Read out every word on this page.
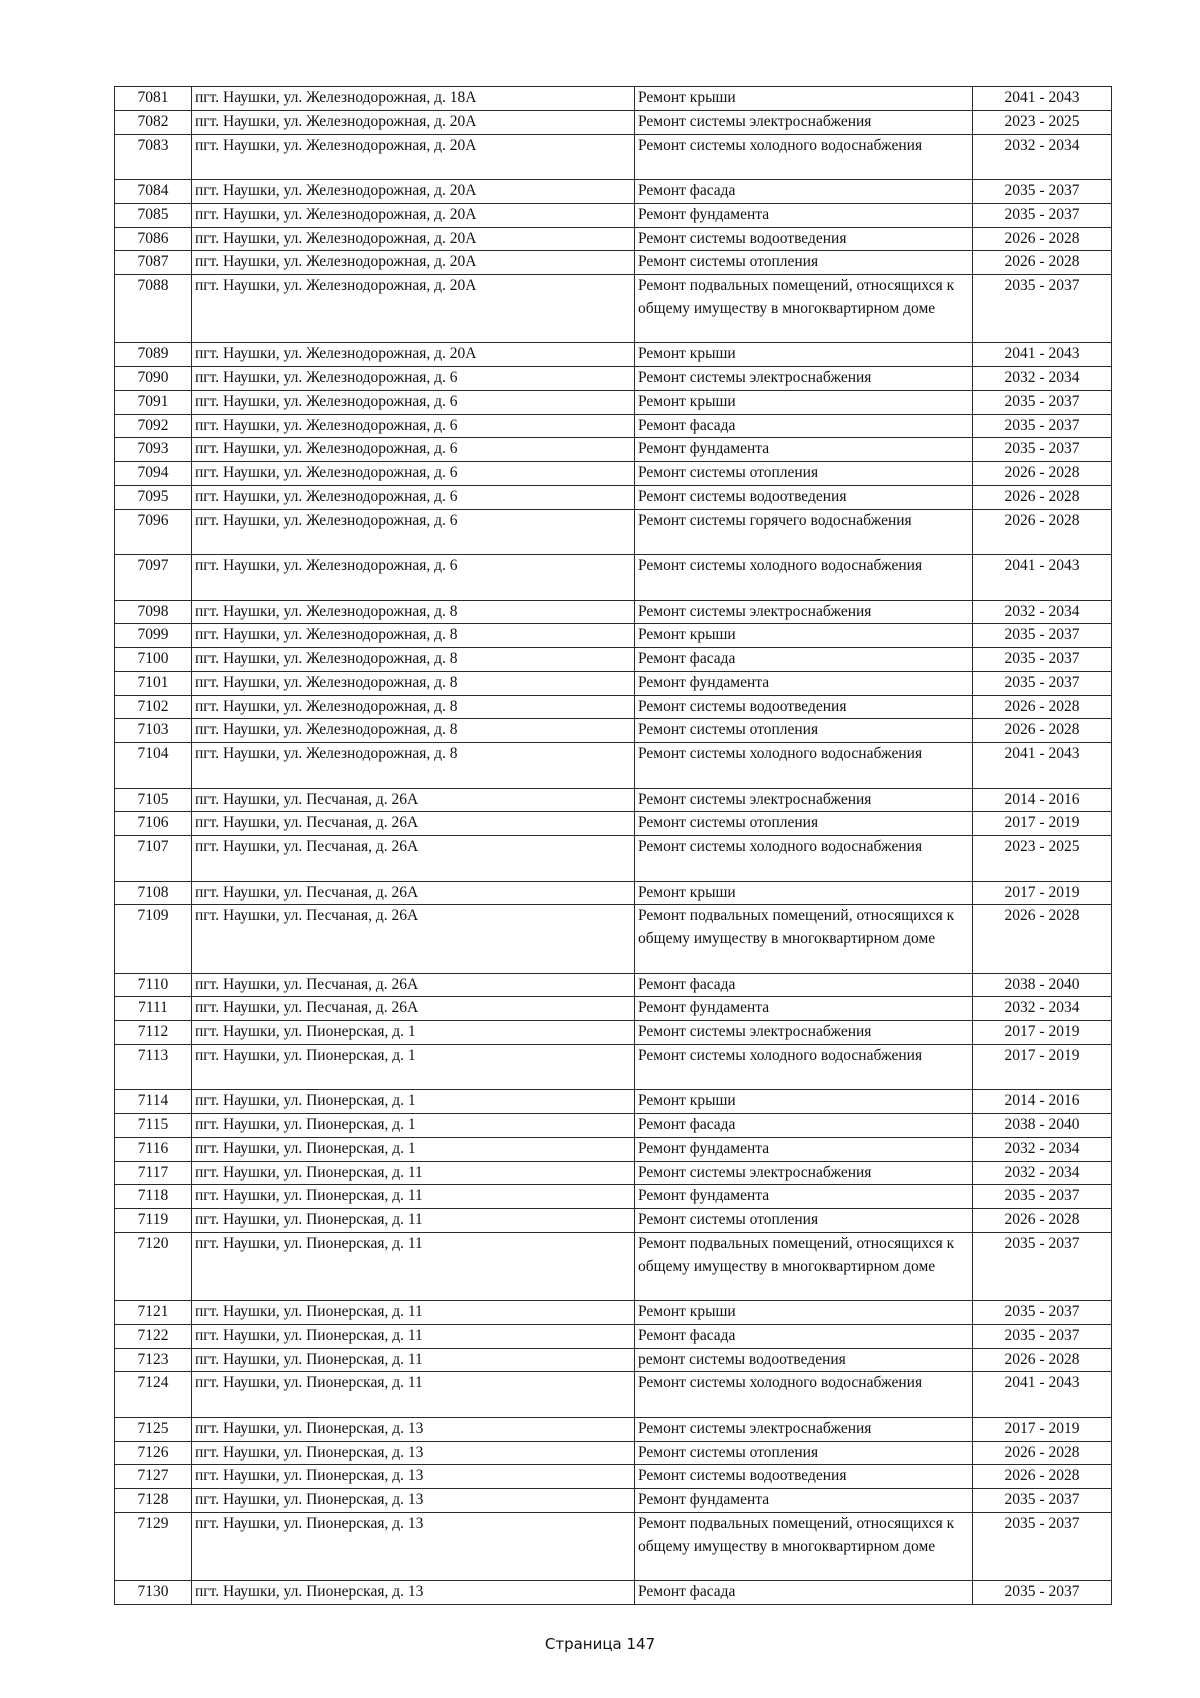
7081	пгт. Наушки, ул. Железнодорожная, д. 18А	Ремонт крыши	2041 - 2043
7082	пгт. Наушки, ул. Железнодорожная, д. 20А	Ремонт системы электроснабжения	2023 - 2025
7083	пгт. Наушки, ул. Железнодорожная, д. 20А	Ремонт системы холодного водоснабжения	2032 - 2034
7084	пгт. Наушки, ул. Железнодорожная, д. 20А	Ремонт фасада	2035 - 2037
7085	пгт. Наушки, ул. Железнодорожная, д. 20А	Ремонт фундамента	2035 - 2037
7086	пгт. Наушки, ул. Железнодорожная, д. 20А	Ремонт системы водоотведения	2026 - 2028
7087	пгт. Наушки, ул. Железнодорожная, д. 20А	Ремонт системы отопления	2026 - 2028
7088	пгт. Наушки, ул. Железнодорожная, д. 20А	Ремонт подвальных помещений, относящихся к общему имуществу в многоквартирном доме	2035 - 2037
7089	пгт. Наушки, ул. Железнодорожная, д. 20А	Ремонт крыши	2041 - 2043
7090	пгт. Наушки, ул. Железнодорожная, д. 6	Ремонт системы электроснабжения	2032 - 2034
7091	пгт. Наушки, ул. Железнодорожная, д. 6	Ремонт крыши	2035 - 2037
7092	пгт. Наушки, ул. Железнодорожная, д. 6	Ремонт фасада	2035 - 2037
7093	пгт. Наушки, ул. Железнодорожная, д. 6	Ремонт фундамента	2035 - 2037
7094	пгт. Наушки, ул. Железнодорожная, д. 6	Ремонт системы отопления	2026 - 2028
7095	пгт. Наушки, ул. Железнодорожная, д. 6	Ремонт системы водоотведения	2026 - 2028
7096	пгт. Наушки, ул. Железнодорожная, д. 6	Ремонт системы горячего водоснабжения	2026 - 2028
7097	пгт. Наушки, ул. Железнодорожная, д. 6	Ремонт системы холодного водоснабжения	2041 - 2043
7098	пгт. Наушки, ул. Железнодорожная, д. 8	Ремонт системы электроснабжения	2032 - 2034
7099	пгт. Наушки, ул. Железнодорожная, д. 8	Ремонт крыши	2035 - 2037
7100	пгт. Наушки, ул. Железнодорожная, д. 8	Ремонт фасада	2035 - 2037
7101	пгт. Наушки, ул. Железнодорожная, д. 8	Ремонт фундамента	2035 - 2037
7102	пгт. Наушки, ул. Железнодорожная, д. 8	Ремонт системы водоотведения	2026 - 2028
7103	пгт. Наушки, ул. Железнодорожная, д. 8	Ремонт системы отопления	2026 - 2028
7104	пгт. Наушки, ул. Железнодорожная, д. 8	Ремонт системы холодного водоснабжения	2041 - 2043
7105	пгт. Наушки, ул. Песчаная, д. 26А	Ремонт системы электроснабжения	2014 - 2016
7106	пгт. Наушки, ул. Песчаная, д. 26А	Ремонт системы отопления	2017 - 2019
7107	пгт. Наушки, ул. Песчаная, д. 26А	Ремонт системы холодного водоснабжения	2023 - 2025
7108	пгт. Наушки, ул. Песчаная, д. 26А	Ремонт крыши	2017 - 2019
7109	пгт. Наушки, ул. Песчаная, д. 26А	Ремонт подвальных помещений, относящихся к общему имуществу в многоквартирном доме	2026 - 2028
7110	пгт. Наушки, ул. Песчаная, д. 26А	Ремонт фасада	2038 - 2040
7111	пгт. Наушки, ул. Песчаная, д. 26А	Ремонт фундамента	2032 - 2034
7112	пгт. Наушки, ул. Пионерская, д. 1	Ремонт системы электроснабжения	2017 - 2019
7113	пгт. Наушки, ул. Пионерская, д. 1	Ремонт системы холодного водоснабжения	2017 - 2019
7114	пгт. Наушки, ул. Пионерская, д. 1	Ремонт крыши	2014 - 2016
7115	пгт. Наушки, ул. Пионерская, д. 1	Ремонт фасада	2038 - 2040
7116	пгт. Наушки, ул. Пионерская, д. 1	Ремонт фундамента	2032 - 2034
7117	пгт. Наушки, ул. Пионерская, д. 11	Ремонт системы электроснабжения	2032 - 2034
7118	пгт. Наушки, ул. Пионерская, д. 11	Ремонт фундамента	2035 - 2037
7119	пгт. Наушки, ул. Пионерская, д. 11	Ремонт системы отопления	2026 - 2028
7120	пгт. Наушки, ул. Пионерская, д. 11	Ремонт подвальных помещений, относящихся к общему имуществу в многоквартирном доме	2035 - 2037
7121	пгт. Наушки, ул. Пионерская, д. 11	Ремонт крыши	2035 - 2037
7122	пгт. Наушки, ул. Пионерская, д. 11	Ремонт фасада	2035 - 2037
7123	пгт. Наушки, ул. Пионерская, д. 11	ремонт системы водоотведения	2026 - 2028
7124	пгт. Наушки, ул. Пионерская, д. 11	Ремонт системы холодного водоснабжения	2041 - 2043
7125	пгт. Наушки, ул. Пионерская, д. 13	Ремонт системы электроснабжения	2017 - 2019
7126	пгт. Наушки, ул. Пионерская, д. 13	Ремонт системы отопления	2026 - 2028
7127	пгт. Наушки, ул. Пионерская, д. 13	Ремонт системы водоотведения	2026 - 2028
7128	пгт. Наушки, ул. Пионерская, д. 13	Ремонт фундамента	2035 - 2037
7129	пгт. Наушки, ул. Пионерская, д. 13	Ремонт подвальных помещений, относящихся к общему имуществу в многоквартирном доме	2035 - 2037
7130	пгт. Наушки, ул. Пионерская, д. 13	Ремонт фасада	2035 - 2037
Страница 147
